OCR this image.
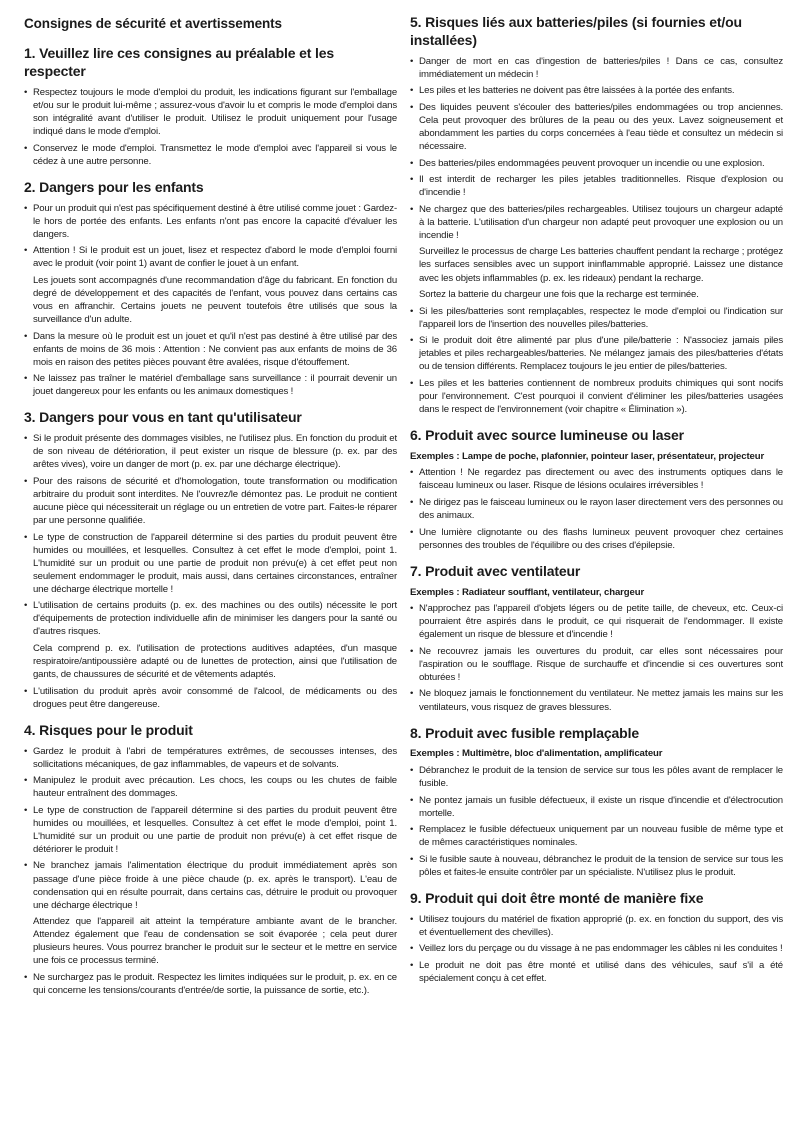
Consignes de sécurité et avertissements
1. Veuillez lire ces consignes au préalable et les respecter
• Respectez toujours le mode d'emploi du produit, les indications figurant sur l'emballage et/ou sur le produit lui-même ; assurez-vous d'avoir lu et compris le mode d'emploi dans son intégralité avant d'utiliser le produit. Utilisez le produit uniquement pour l'usage indiqué dans le mode d'emploi.
• Conservez le mode d'emploi. Transmettez le mode d'emploi avec l'appareil si vous le cédez à une autre personne.
2. Dangers pour les enfants
• Pour un produit qui n'est pas spécifiquement destiné à être utilisé comme jouet : Gardez-le hors de portée des enfants. Les enfants n'ont pas encore la capacité d'évaluer les dangers.
• Attention ! Si le produit est un jouet, lisez et respectez d'abord le mode d'emploi fourni avec le produit (voir point 1) avant de confier le jouet à un enfant.

Les jouets sont accompagnés d'une recommandation d'âge du fabricant. En fonction du degré de développement et des capacités de l'enfant, vous pouvez dans certains cas vous en affranchir. Certains jouets ne peuvent toutefois être utilisés que sous la surveillance d'un adulte.

• Dans la mesure où le produit est un jouet et qu'il n'est pas destiné à être utilisé par des enfants de moins de 36 mois : Attention : Ne convient pas aux enfants de moins de 36 mois en raison des petites pièces pouvant être avalées, risque d'étouffement.
• Ne laissez pas traîner le matériel d'emballage sans surveillance : il pourrait devenir un jouet dangereux pour les enfants ou les animaux domestiques !
3. Dangers pour vous en tant qu'utilisateur
• Si le produit présente des dommages visibles, ne l'utilisez plus. En fonction du produit et de son niveau de détérioration, il peut exister un risque de blessure (p. ex. par des arêtes vives), voire un danger de mort (p. ex. par une décharge électrique).
• Pour des raisons de sécurité et d'homologation, toute transformation ou modification arbitraire du produit sont interdites. Ne l'ouvrez/le démontez pas. Le produit ne contient aucune pièce qui nécessiterait un réglage ou un entretien de votre part. Faites-le réparer par une personne qualifiée.
• Le type de construction de l'appareil détermine si des parties du produit peuvent être humides ou mouillées, et lesquelles. Consultez à cet effet le mode d'emploi, point 1. L'humidité sur un produit ou une partie de produit non prévu(e) à cet effet peut non seulement endommager le produit, mais aussi, dans certaines circonstances, entraîner une décharge électrique mortelle !
• L'utilisation de certains produits (p. ex. des machines ou des outils) nécessite le port d'équipements de protection individuelle afin de minimiser les dangers pour la santé ou d'autres risques.

Cela comprend p. ex. l'utilisation de protections auditives adaptées, d'un masque respiratoire/antipoussière adapté ou de lunettes de protection, ainsi que l'utilisation de gants, de chaussures de sécurité et de vêtements adaptés.

• L'utilisation du produit après avoir consommé de l'alcool, de médicaments ou des drogues peut être dangereuse.
4. Risques pour le produit
• Gardez le produit à l'abri de températures extrêmes, de secousses intenses, des sollicitations mécaniques, de gaz inflammables, de vapeurs et de solvants.
• Manipulez le produit avec précaution. Les chocs, les coups ou les chutes de faible hauteur entraînent des dommages.
• Le type de construction de l'appareil détermine si des parties du produit peuvent être humides ou mouillées, et lesquelles. Consultez à cet effet le mode d'emploi, point 1. L'humidité sur un produit ou une partie de produit non prévu(e) à cet effet risque de détériorer le produit !
• Ne branchez jamais l'alimentation électrique du produit immédiatement après son passage d'une pièce froide à une pièce chaude (p. ex. après le transport). L'eau de condensation qui en résulte pourrait, dans certains cas, détruire le produit ou provoquer une décharge électrique !

Attendez que l'appareil ait atteint la température ambiante avant de le brancher. Attendez également que l'eau de condensation se soit évaporée ; cela peut durer plusieurs heures. Vous pourrez brancher le produit sur le secteur et le mettre en service une fois ce processus terminé.

• Ne surchargez pas le produit. Respectez les limites indiquées sur le produit, p. ex. en ce qui concerne les tensions/courants d'entrée/de sortie, la puissance de sortie, etc.).
5. Risques liés aux batteries/piles (si fournies et/ou installées)
• Danger de mort en cas d'ingestion de batteries/piles ! Dans ce cas, consultez immédiatement un médecin !
• Les piles et les batteries ne doivent pas être laissées à la portée des enfants.
• Des liquides peuvent s'écouler des batteries/piles endommagées ou trop anciennes. Cela peut provoquer des brûlures de la peau ou des yeux. Lavez soigneusement et abondamment les parties du corps concernées à l'eau tiède et consultez un médecin si nécessaire.
• Des batteries/piles endommagées peuvent provoquer un incendie ou une explosion.
• Il est interdit de recharger les piles jetables traditionnelles. Risque d'explosion ou d'incendie !
• Ne chargez que des batteries/piles rechargeables. Utilisez toujours un chargeur adapté à la batterie. L'utilisation d'un chargeur non adapté peut provoquer une explosion ou un incendie !

Surveillez le processus de charge Les batteries chauffent pendant la recharge ; protégez les surfaces sensibles avec un support ininflammable approprié. Laissez une distance avec les objets inflammables (p. ex. les rideaux) pendant la recharge.

Sortez la batterie du chargeur une fois que la recharge est terminée.

• Si les piles/batteries sont remplaçables, respectez le mode d'emploi ou l'indication sur l'appareil lors de l'insertion des nouvelles piles/batteries.
• Si le produit doit être alimenté par plus d'une pile/batterie : N'associez jamais piles jetables et piles rechargeables/batteries. Ne mélangez jamais des piles/batteries d'états ou de tension différents. Remplacez toujours le jeu entier de piles/batteries.
• Les piles et les batteries contiennent de nombreux produits chimiques qui sont nocifs pour l'environnement. C'est pourquoi il convient d'éliminer les piles/batteries usagées dans le respect de l'environnement (voir chapitre « Élimination »).
6. Produit avec source lumineuse ou laser

Exemples : Lampe de poche, plafonnier, pointeur laser, présentateur, projecteur

• Attention ! Ne regardez pas directement ou avec des instruments optiques dans le faisceau lumineux ou laser. Risque de lésions oculaires irréversibles !
• Ne dirigez pas le faisceau lumineux ou le rayon laser directement vers des personnes ou des animaux.
• Une lumière clignotante ou des flashs lumineux peuvent provoquer chez certaines personnes des troubles de l'équilibre ou des crises d'épilepsie.
7. Produit avec ventilateur

Exemples : Radiateur soufflant, ventilateur, chargeur

• N'approchez pas l'appareil d'objets légers ou de petite taille, de cheveux, etc. Ceux-ci pourraient être aspirés dans le produit, ce qui risquerait de l'endommager. Il existe également un risque de blessure et d'incendie !
• Ne recouvrez jamais les ouvertures du produit, car elles sont nécessaires pour l'aspiration ou le soufflage. Risque de surchauffe et d'incendie si ces ouvertures sont obturées !
• Ne bloquez jamais le fonctionnement du ventilateur. Ne mettez jamais les mains sur les ventilateurs, vous risquez de graves blessures.
8. Produit avec fusible remplaçable

Exemples : Multimètre, bloc d'alimentation, amplificateur

• Débranchez le produit de la tension de service sur tous les pôles avant de remplacer le fusible.
• Ne pontez jamais un fusible défectueux, il existe un risque d'incendie et d'électrocution mortelle.
• Remplacez le fusible défectueux uniquement par un nouveau fusible de même type et de mêmes caractéristiques nominales.
• Si le fusible saute à nouveau, débranchez le produit de la tension de service sur tous les pôles et faites-le ensuite contrôler par un spécialiste. N'utilisez plus le produit.
9. Produit qui doit être monté de manière fixe
• Utilisez toujours du matériel de fixation approprié (p. ex. en fonction du support, des vis et éventuellement des chevilles).
• Veillez lors du perçage ou du vissage à ne pas endommager les câbles ni les conduites !
• Le produit ne doit pas être monté et utilisé dans des véhicules, sauf s'il a été spécialement conçu à cet effet.
